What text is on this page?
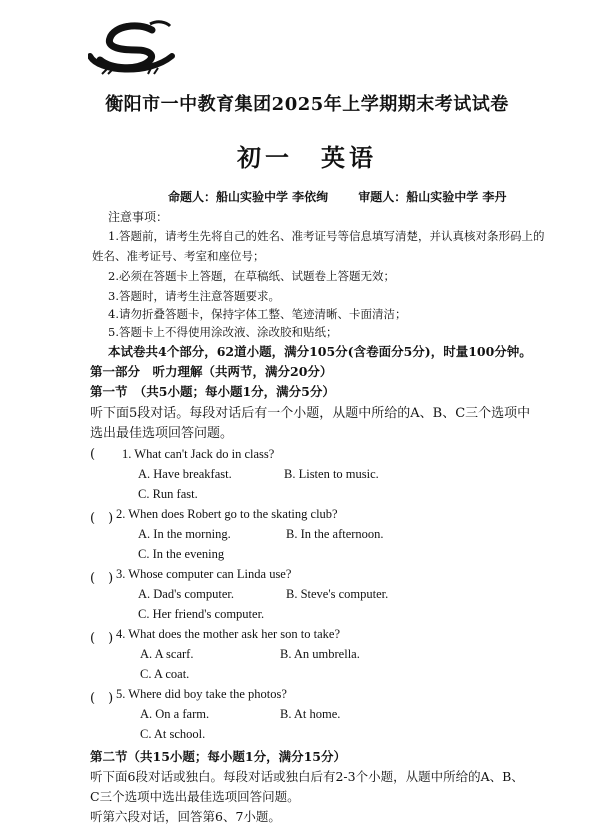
衡阳市一中教育集团2025年上学期期末考试试卷
初一　英语
命题人：船山实验中学 李依绚	审题人：船山实验中学 李丹
注意事项：
1.答题前，请考生先将自己的姓名、准考证号等信息填写清楚，并认真核对条形码上的
姓名、准考证号、考室和座位号；
2.必须在答题卡上答题，在草稿纸、试题卷上答题无效；
3.答题时，请考生注意答题要求。
4.请勿折叠答题卡，保持字体工整、笔迹清晰、卡面清洁；
5.答题卡上不得使用涂改液、涂改胶和贴纸；
本试卷共4个部分，62道小题，满分105分(含卷面分5分)，时量100分钟。
第一部分　听力理解（共两节，满分20分）
第一节　（共5小题；每小题1分，满分5分）
听下面5段对话。每段对话后有一个小题，从题中所给的A、B、C三个选项中
选出最佳选项回答问题。
( 1. What can't Jack do in class?
A. Have breakfast.	B. Listen to music.
C. Run fast.
(　) 2. When does Robert go to the skating club?
A. In the morning.	B. In the afternoon.
C. In the evening
(　) 3. Whose computer can Linda use?
A. Dad's computer.	B. Steve's computer.
C. Her friend's computer.
(　) 4. What does the mother ask her son to take?
A. A scarf.	B. An umbrella.
C. A coat.
(　) 5. Where did boy take the photos?
A. On a farm.	B. At home.
C. At school.
第二节（共15小题；每小题1分，满分15分）
听下面6段对话或独白。每段对话或独白后有2-3个小题，从题中所给的A、B、
C三个选项中选出最佳选项回答问题。
听第六段对话，回答第6、7小题。
